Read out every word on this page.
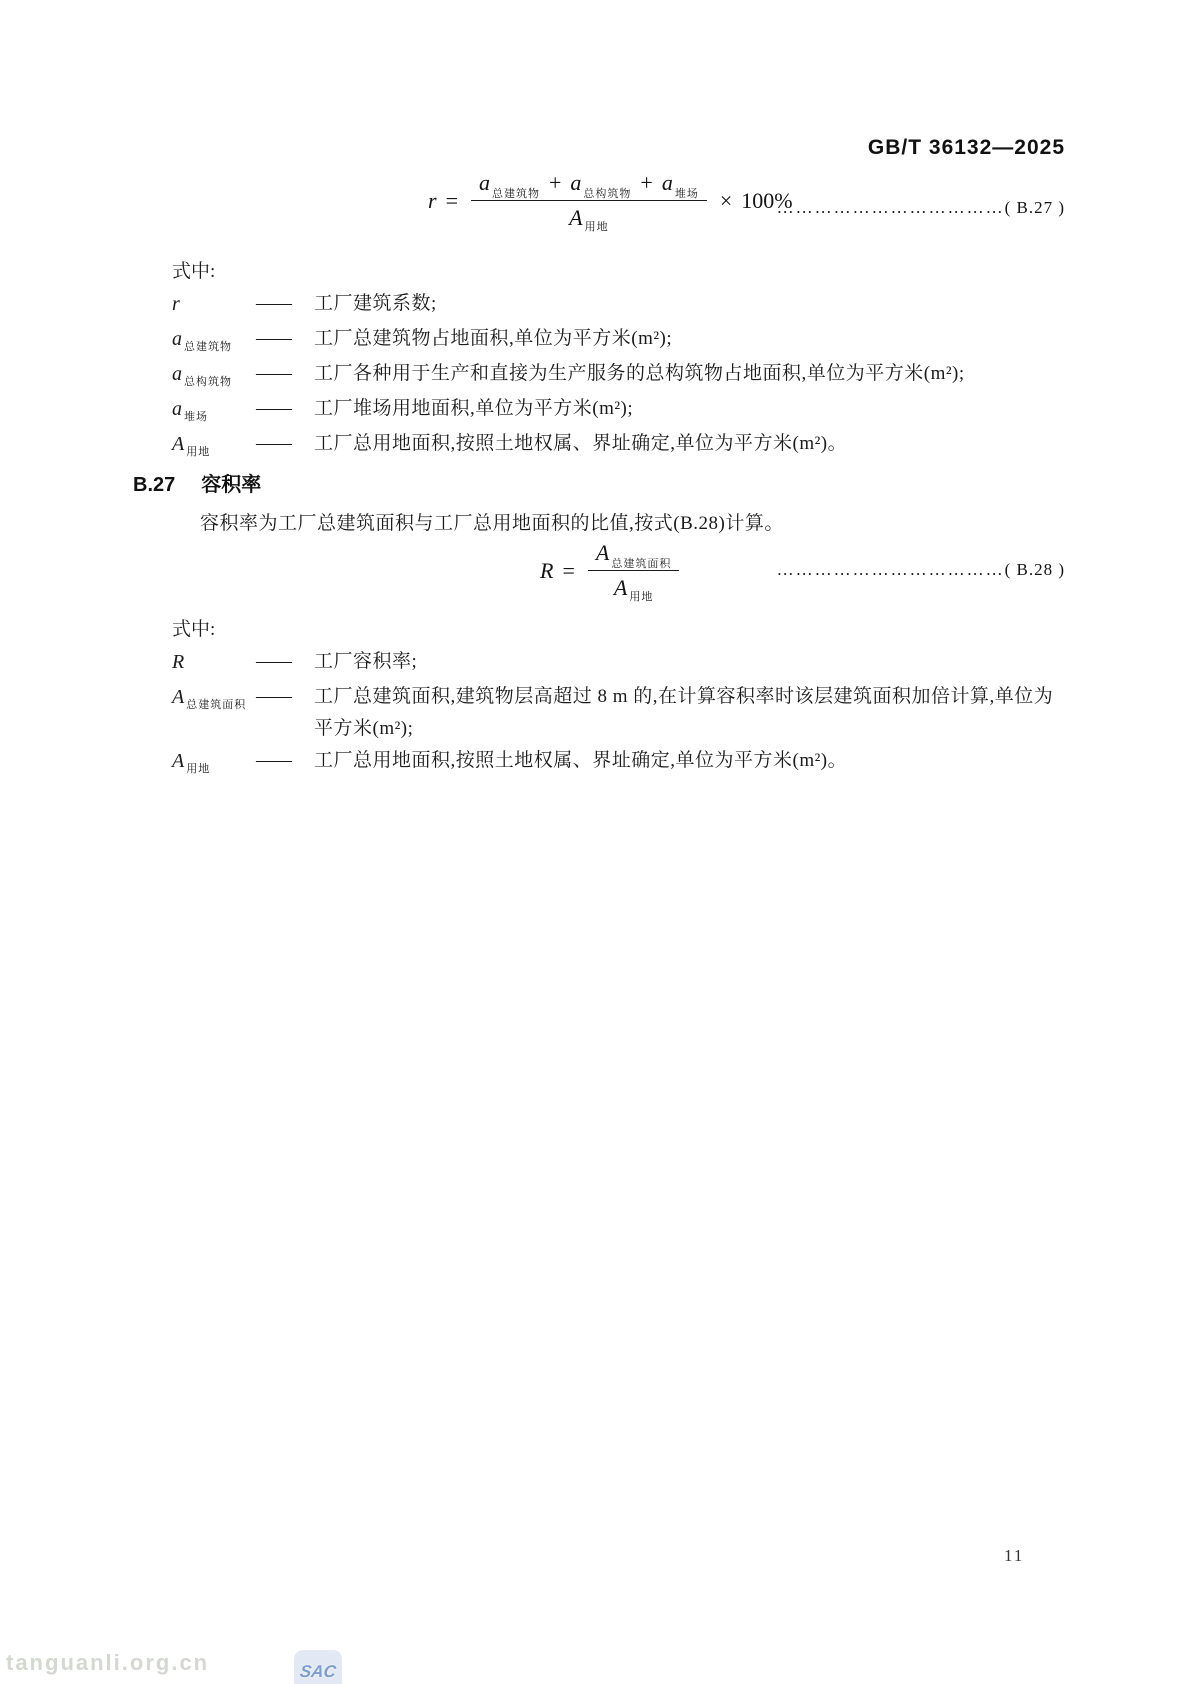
GB/T 36132—2025
$r = \frac{\text{a 总建筑物 + a 总构筑物 + a 堆场}}{A _{用地}} \times 100\%$
………………………………( B.27 )
式中:
r	——	工厂建筑系数;
a $_{总建筑物}$	——	工厂总建筑物占地面积,单位为平方米(m²);
a $_{总构筑物}$	——	工厂各种用于生产和直接为生产服务的总构筑物占地面积,单位为平方米(m²);
a $_{堆场}$	——	工厂堆场用地面积,单位为平方米(m²);
A $_{用地}$	——	工厂总用地面积,按照土地权属、界址确定,单位为平方米(m²)。
B.27 容积率
容积率为工厂总建筑面积与工厂总用地面积的比值,按式(B.28)计算。
$R = \frac{\text{A 总建筑面积}}{A _{用地}}$	………………………………( B.28 )
式中:
R	——	工厂容积率;
A $_{总建筑面积}$ ——	工厂总建筑面积,建筑物层高超过 8 m 的,在计算容积率时该层建筑面积加倍计算,单位为平方米(m²);
A $_{用地}$	——	工厂总用地面积,按照土地权属、界址确定,单位为平方米(m²)。
11
tanguanli.org.cn	SAC
